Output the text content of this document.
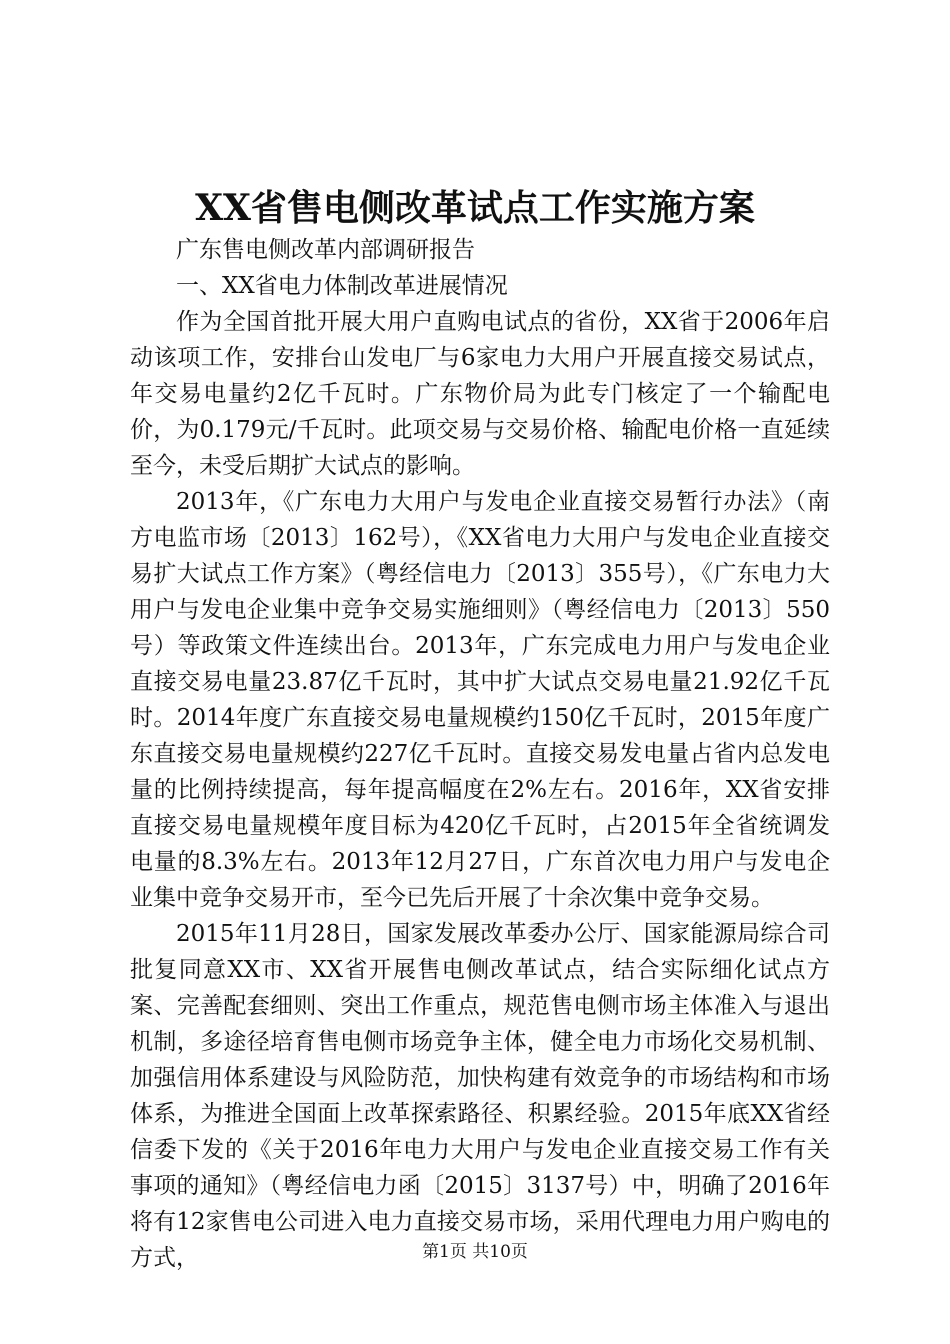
XX省售电侧改革试点工作实施方案

广东售电侧改革内部调研报告

一、XX省电力体制改革进展情况

作为全国首批开展大用户直购电试点的省份，XX省于2006年启动该项工作，安排台山发电厂与6家电力大用户开展直接交易试点，年交易电量约2亿千瓦时。广东物价局为此专门核定了一个输配电价，为0.179元/千瓦时。此项交易与交易价格、输配电价格一直延续至今，未受后期扩大试点的影响。

2013年，《广东电力大用户与发电企业直接交易暂行办法》（南方电监市场〔2013〕162号），《XX省电力大用户与发电企业直接交易扩大试点工作方案》（粤经信电力〔2013〕355号），《广东电力大用户与发电企业集中竞争交易实施细则》（粤经信电力〔2013〕550号）等政策文件连续出台。2013年，广东完成电力用户与发电企业直接交易电量23.87亿千瓦时，其中扩大试点交易电量21.92亿千瓦时。2014年度广东直接交易电量规模约150亿千瓦时，2015年度广东直接交易电量规模约227亿千瓦时。直接交易发电量占省内总发电量的比例持续提高，每年提高幅度在2%左右。2016年，XX省安排直接交易电量规模年度目标为420亿千瓦时，占2015年全省统调发电量的8.3%左右。2013年12月27日，广东首次电力用户与发电企业集中竞争交易开市，至今已先后开展了十余次集中竞争交易。

2015年11月28日，国家发展改革委办公厅、国家能源局综合司批复同意XX市、XX省开展售电侧改革试点，结合实际细化试点方案、完善配套细则、突出工作重点，规范售电侧市场主体准入与退出机制，多途径培育售电侧市场竞争主体，健全电力市场化交易机制、加强信用体系建设与风险防范，加快构建有效竞争的市场结构和市场体系，为推进全国面上改革探索路径、积累经验。2015年底XX省经信委下发的《关于2016年电力大用户与发电企业直接交易工作有关事项的通知》（粤经信电力函〔2015〕3137号）中，明确了2016年将有12家售电公司进入电力直接交易市场，采用代理电力用户购电的方式，	第1页 共10页
